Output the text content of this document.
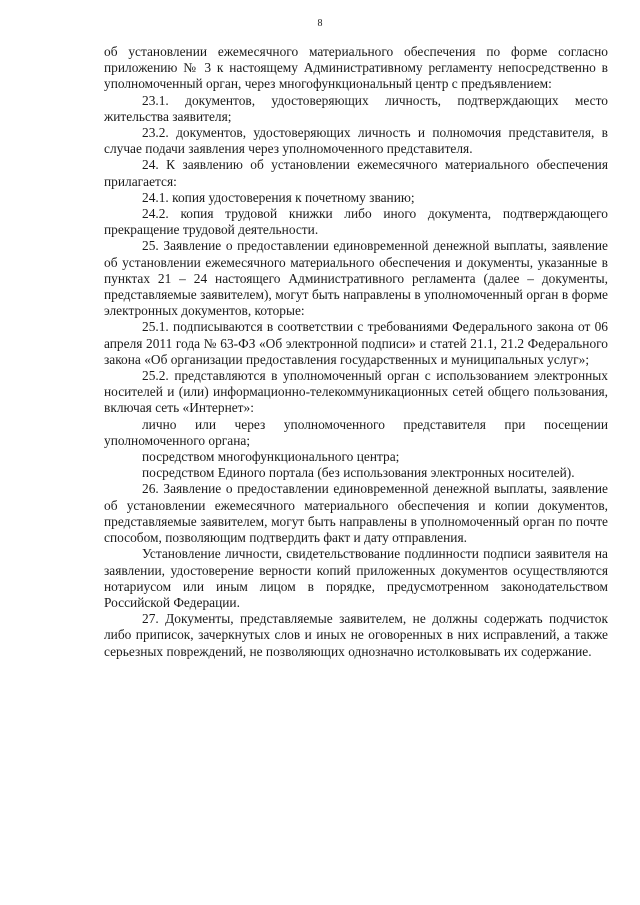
8

об установлении ежемесячного материального обеспечения по форме согласно приложению № 3 к настоящему Административному регламенту непосредственно в уполномоченный орган, через многофункциональный центр с предъявлением:

23.1. документов, удостоверяющих личность, подтверждающих место жительства заявителя;

23.2. документов, удостоверяющих личность и полномочия представителя, в случае подачи заявления через уполномоченного представителя.

24. К заявлению об установлении ежемесячного материального обеспечения прилагается:

24.1. копия удостоверения к почетному званию;

24.2. копия трудовой книжки либо иного документа, подтверждающего прекращение трудовой деятельности.

25. Заявление о предоставлении единовременной денежной выплаты, заявление об установлении ежемесячного материального обеспечения и документы, указанные в пунктах 21 – 24 настоящего Административного регламента (далее – документы, представляемые заявителем), могут быть направлены в уполномоченный орган в форме электронных документов, которые:

25.1. подписываются в соответствии с требованиями Федерального закона от 06 апреля 2011 года № 63-ФЗ «Об электронной подписи» и статей 21.1, 21.2 Федерального закона «Об организации предоставления государственных и муниципальных услуг»;

25.2. представляются в уполномоченный орган с использованием электронных носителей и (или) информационно-телекоммуникационных сетей общего пользования, включая сеть «Интернет»:

лично или через уполномоченного представителя при посещении уполномоченного органа;

посредством многофункционального центра;

посредством Единого портала (без использования электронных носителей).

26. Заявление о предоставлении единовременной денежной выплаты, заявление об установлении ежемесячного материального обеспечения и копии документов, представляемые заявителем, могут быть направлены в уполномоченный орган по почте способом, позволяющим подтвердить факт и дату отправления.

Установление личности, свидетельствование подлинности подписи заявителя на заявлении, удостоверение верности копий приложенных документов осуществляются нотариусом или иным лицом в порядке, предусмотренном законодательством Российской Федерации.

27. Документы, представляемые заявителем, не должны содержать подчисток либо приписок, зачеркнутых слов и иных не оговоренных в них исправлений, а также серьезных повреждений, не позволяющих однозначно истолковывать их содержание.
